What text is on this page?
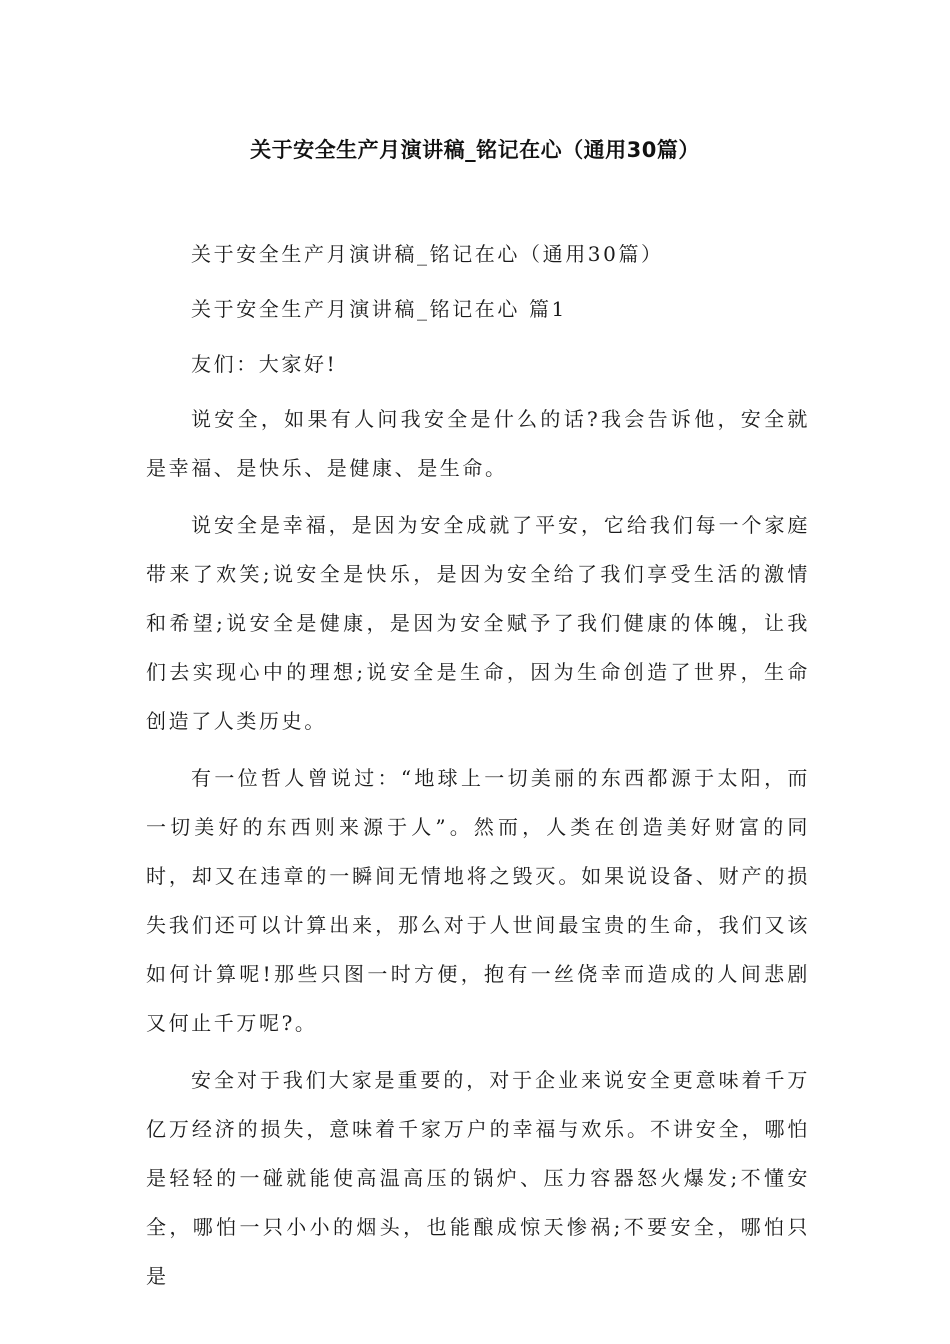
关于安全生产月演讲稿_铭记在心（通用30篇）

关于安全生产月演讲稿_铭记在心（通用30篇）

关于安全生产月演讲稿_铭记在心 篇1

友们：大家好!

说安全，如果有人问我安全是什么的话?我会告诉他，安全就是幸福、是快乐、是健康、是生命。

说安全是幸福，是因为安全成就了平安，它给我们每一个家庭带来了欢笑;说安全是快乐，是因为安全给了我们享受生活的激情和希望;说安全是健康，是因为安全赋予了我们健康的体魄，让我们去实现心中的理想;说安全是生命，因为生命创造了世界，生命创造了人类历史。

有一位哲人曾说过：“地球上一切美丽的东西都源于太阳，而一切美好的东西则来源于人”。然而，人类在创造美好财富的同时，却又在违章的一瞬间无情地将之毁灭。如果说设备、财产的损失我们还可以计算出来，那么对于人世间最宝贵的生命，我们又该如何计算呢!那些只图一时方便，抱有一丝侥幸而造成的人间悲剧又何止千万呢?。

安全对于我们大家是重要的，对于企业来说安全更意味着千万亿万经济的损失，意味着千家万户的幸福与欢乐。不讲安全，哪怕是轻轻的一碰就能使高温高压的锅炉、压力容器怒火爆发;不懂安全，哪怕一只小小的烟头，也能酿成惊天惨祸;不要安全，哪怕只是
